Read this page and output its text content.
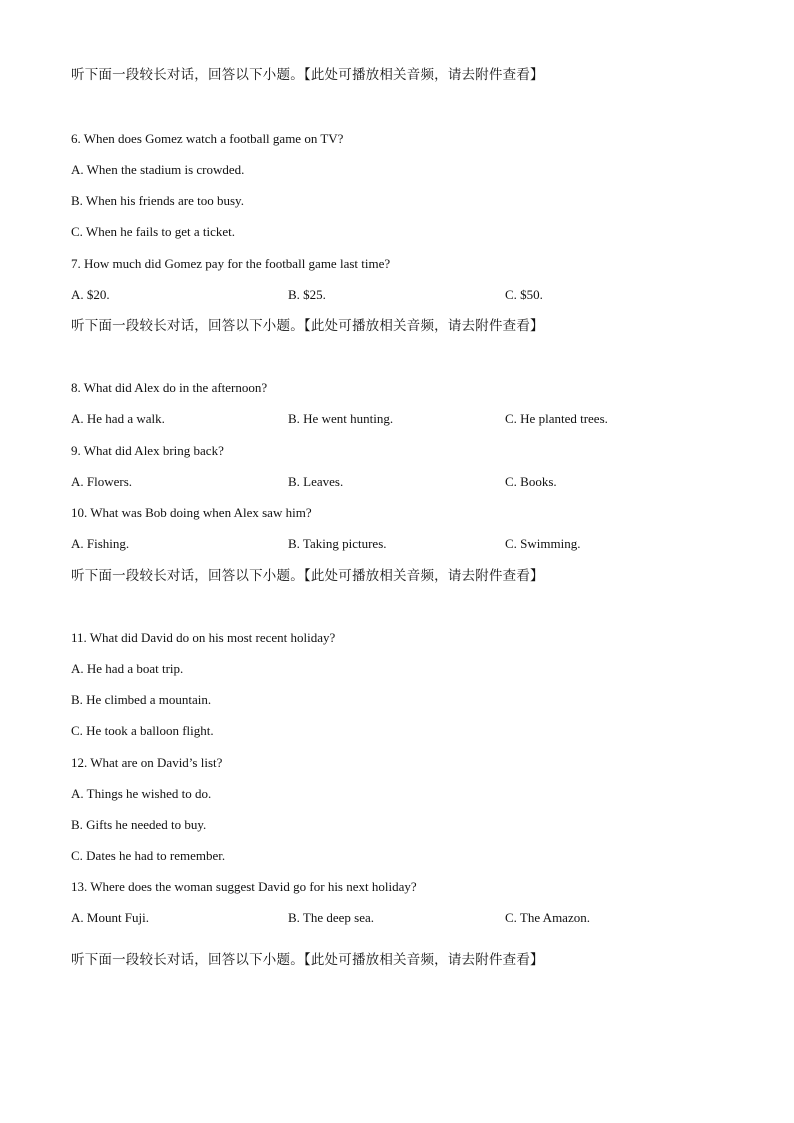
听下面一段较长对话，回答以下小题。【此处可播放相关音频，请去附件查看】
6. When does Gomez watch a football game on TV?
A. When the stadium is crowded.
B. When his friends are too busy.
C. When he fails to get a ticket.
7. How much did Gomez pay for the football game last time?
A. $20.	B. $25.	C. $50.
听下面一段较长对话，回答以下小题。【此处可播放相关音频，请去附件查看】
8. What did Alex do in the afternoon?
A. He had a walk.	B. He went hunting.	C. He planted trees.
9. What did Alex bring back?
A. Flowers.	B. Leaves.	C. Books.
10. What was Bob doing when Alex saw him?
A. Fishing.	B. Taking pictures.	C. Swimming.
听下面一段较长对话，回答以下小题。【此处可播放相关音频，请去附件查看】
11. What did David do on his most recent holiday?
A. He had a boat trip.
B. He climbed a mountain.
C. He took a balloon flight.
12. What are on David’s list?
A. Things he wished to do.
B. Gifts he needed to buy.
C. Dates he had to remember.
13. Where does the woman suggest David go for his next holiday?
A. Mount Fuji.	B. The deep sea.	C. The Amazon.
听下面一段较长对话，回答以下小题。【此处可播放相关音频，请去附件查看】
